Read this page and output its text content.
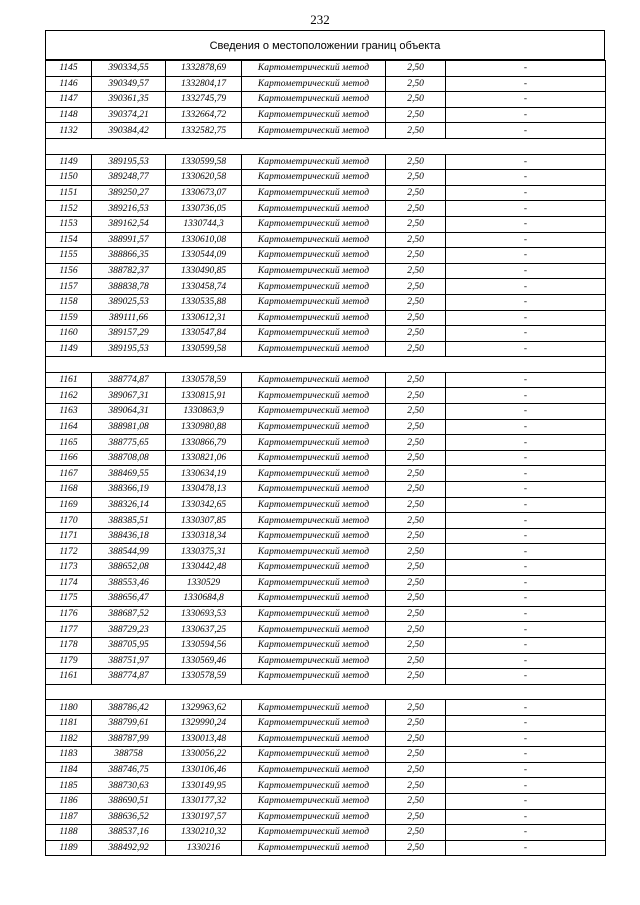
232
Сведения о местоположении границ объекта
1145	390334,55	1332878,69	Картометрический метод	2,50	-
1146	390349,57	1332804,17	Картометрический метод	2,50	-
1147	390361,35	1332745,79	Картометрический метод	2,50	-
1148	390374,21	1332664,72	Картометрический метод	2,50	-
1132	390384,42	1332582,75	Картометрический метод	2,50	-

1149	389195,53	1330599,58	Картометрический метод	2,50	-
1150	389248,77	1330620,58	Картометрический метод	2,50	-
1151	389250,27	1330673,07	Картометрический метод	2,50	-
1152	389216,53	1330736,05	Картометрический метод	2,50	-
1153	389162,54	1330744,3	Картометрический метод	2,50	-
1154	388991,57	1330610,08	Картометрический метод	2,50	-
1155	388866,35	1330544,09	Картометрический метод	2,50	-
1156	388782,37	1330490,85	Картометрический метод	2,50	-
1157	388838,78	1330458,74	Картометрический метод	2,50	-
1158	389025,53	1330535,88	Картометрический метод	2,50	-
1159	389111,66	1330612,31	Картометрический метод	2,50	-
1160	389157,29	1330547,84	Картометрический метод	2,50	-
1149	389195,53	1330599,58	Картометрический метод	2,50	-

1161	388774,87	1330578,59	Картометрический метод	2,50	-
1162	389067,31	1330815,91	Картометрический метод	2,50	-
1163	389064,31	1330863,9	Картометрический метод	2,50	-
1164	388981,08	1330980,88	Картометрический метод	2,50	-
1165	388775,65	1330866,79	Картометрический метод	2,50	-
1166	388708,08	1330821,06	Картометрический метод	2,50	-
1167	388469,55	1330634,19	Картометрический метод	2,50	-
1168	388366,19	1330478,13	Картометрический метод	2,50	-
1169	388326,14	1330342,65	Картометрический метод	2,50	-
1170	388385,51	1330307,85	Картометрический метод	2,50	-
1171	388436,18	1330318,34	Картометрический метод	2,50	-
1172	388544,99	1330375,31	Картометрический метод	2,50	-
1173	388652,08	1330442,48	Картометрический метод	2,50	-
1174	388553,46	1330529	Картометрический метод	2,50	-
1175	388656,47	1330684,8	Картометрический метод	2,50	-
1176	388687,52	1330693,53	Картометрический метод	2,50	-
1177	388729,23	1330637,25	Картометрический метод	2,50	-
1178	388705,95	1330594,56	Картометрический метод	2,50	-
1179	388751,97	1330569,46	Картометрический метод	2,50	-
1161	388774,87	1330578,59	Картометрический метод	2,50	-

1180	388786,42	1329963,62	Картометрический метод	2,50	-
1181	388799,61	1329990,24	Картометрический метод	2,50	-
1182	388787,99	1330013,48	Картометрический метод	2,50	-
1183	388758	1330056,22	Картометрический метод	2,50	-
1184	388746,75	1330106,46	Картометрический метод	2,50	-
1185	388730,63	1330149,95	Картометрический метод	2,50	-
1186	388690,51	1330177,32	Картометрический метод	2,50	-
1187	388636,52	1330197,57	Картометрический метод	2,50	-
1188	388537,16	1330210,32	Картометрический метод	2,50	-
1189	388492,92	1330216	Картометрический метод	2,50	-
